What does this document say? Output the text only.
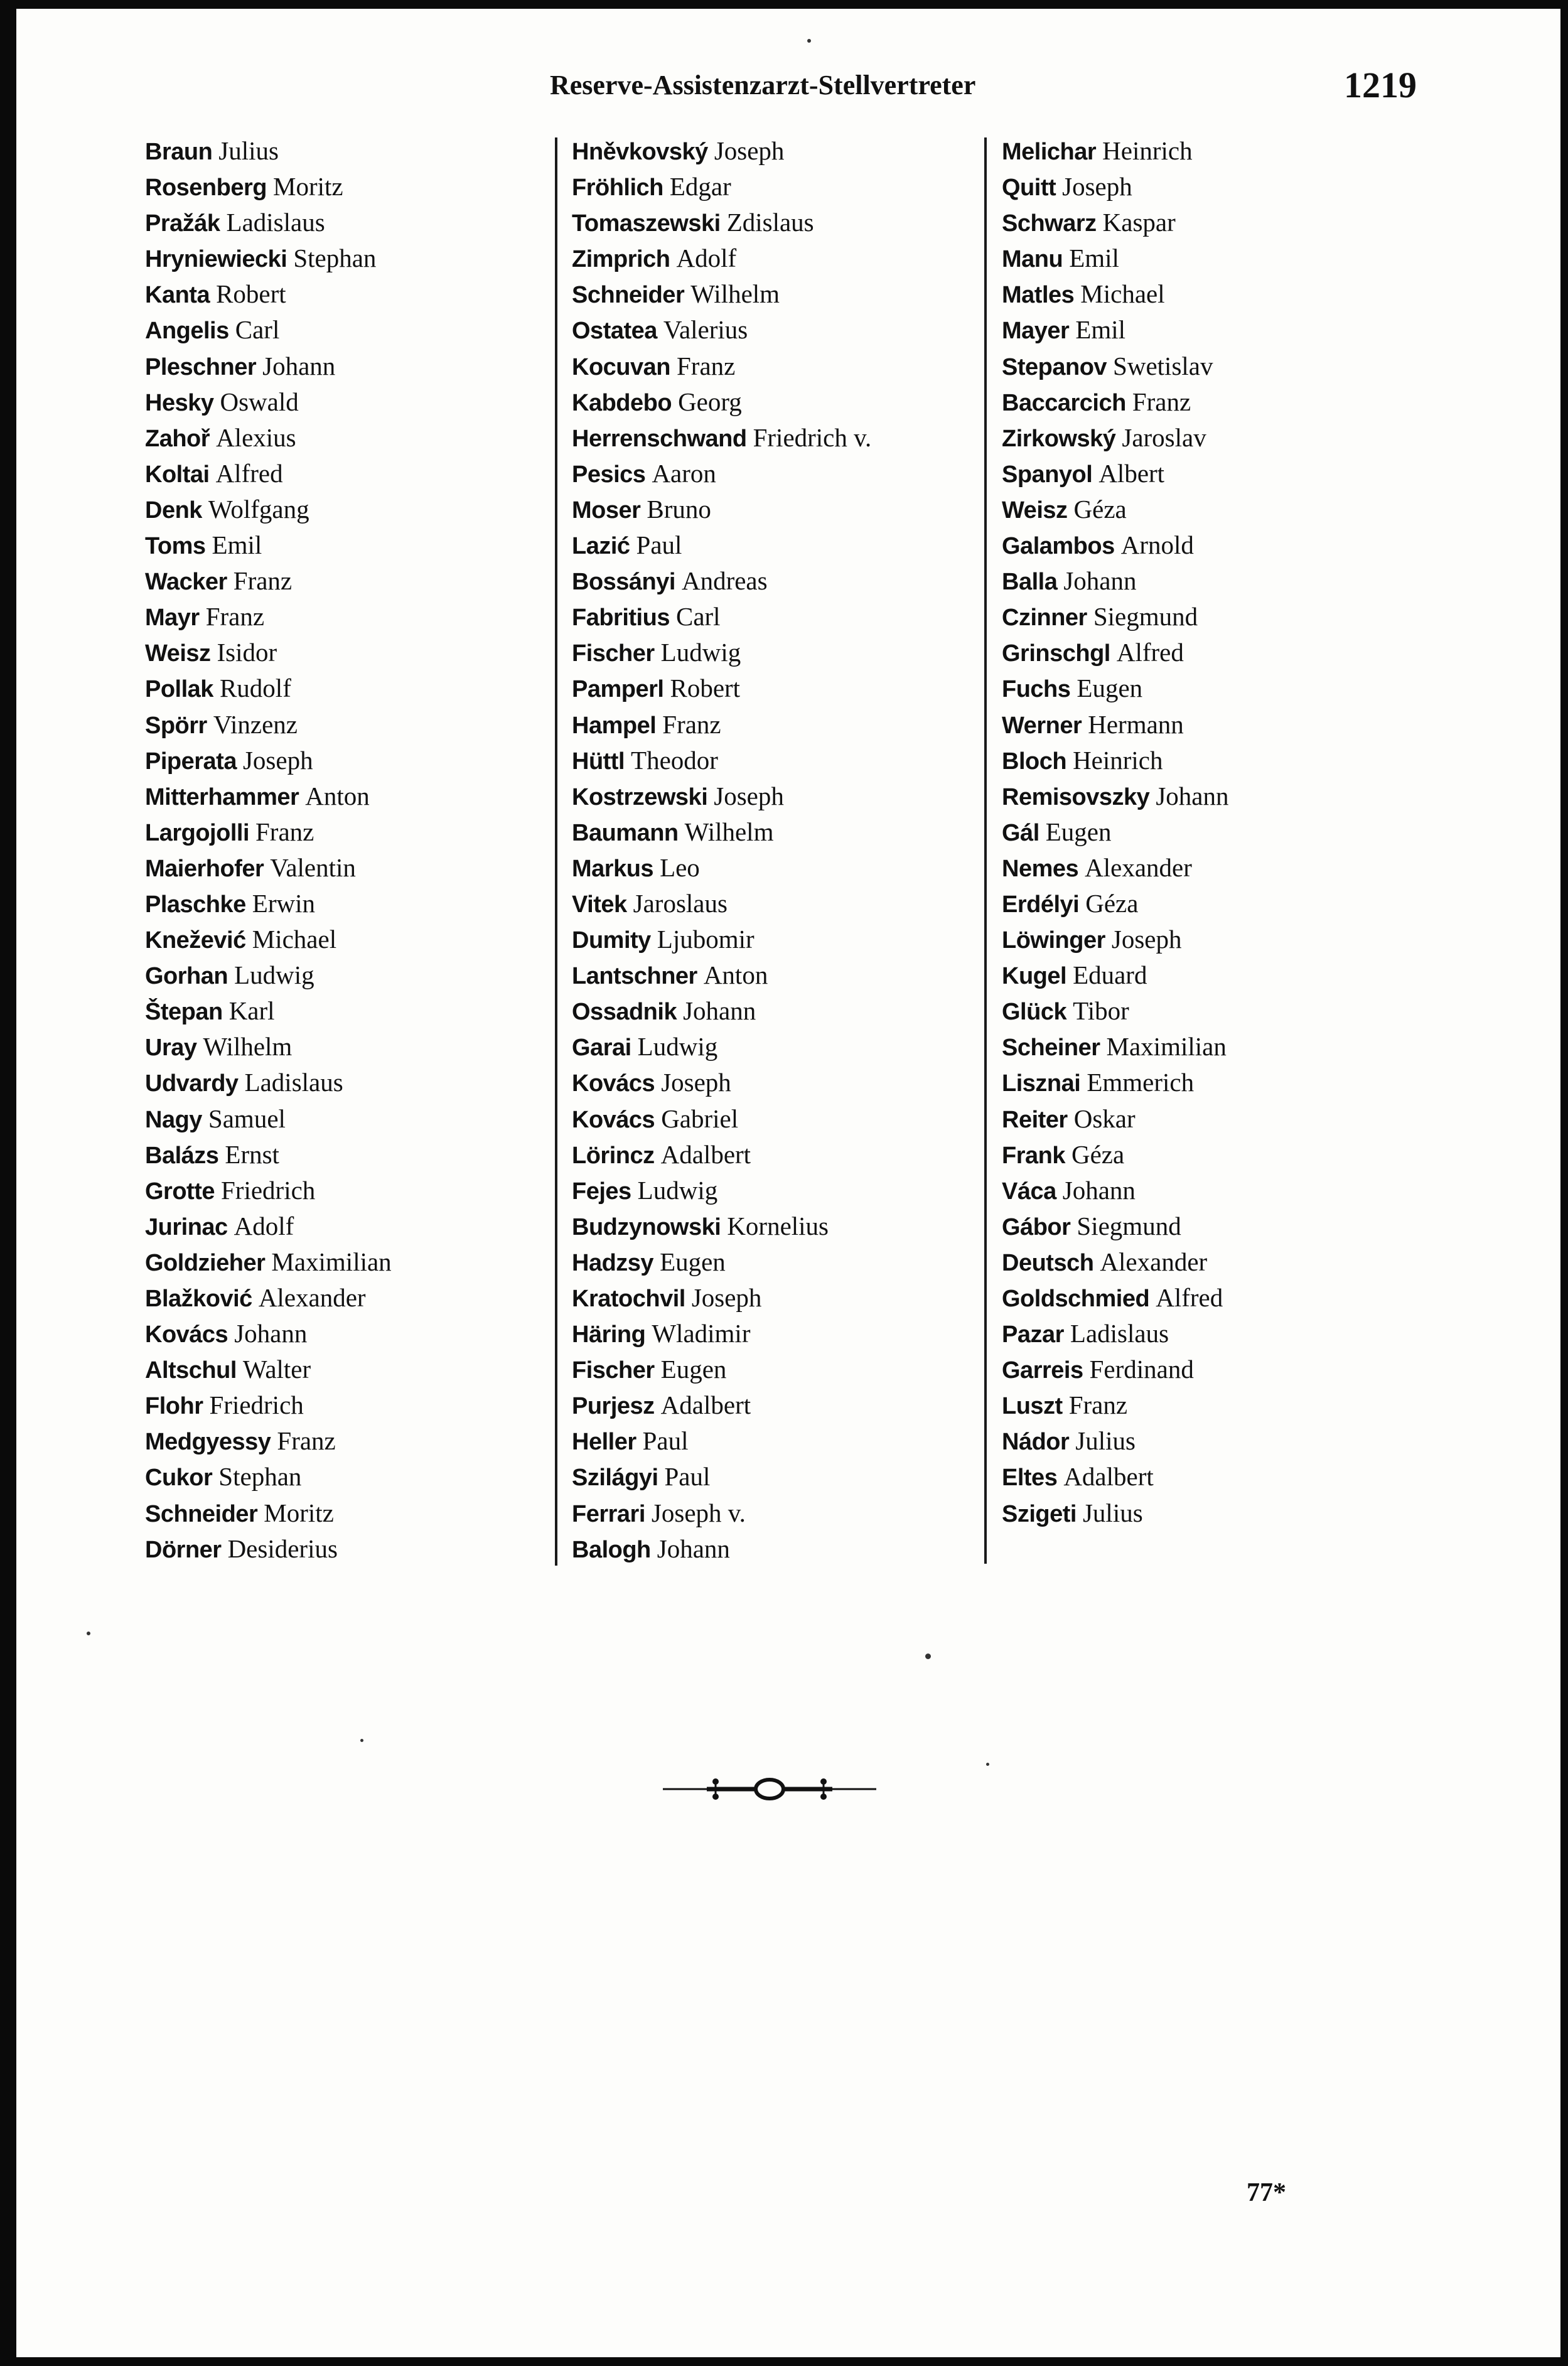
Reserve-Assistenzarzt-Stellvertreter	1219
Braun Julius
Rosenberg Moritz
Pražák Ladislaus
Hryniewiecki Stephan
Kanta Robert
Angelis Carl
Pleschner Johann
Hesky Oswald
Zahoř Alexius
Koltai Alfred
Denk Wolfgang
Toms Emil
Wacker Franz
Mayr Franz
Weisz Isidor
Pollak Rudolf
Spörr Vinzenz
Piperata Joseph
Mitterhammer Anton
Largojolli Franz
Maierhofer Valentin
Plaschke Erwin
Knežević Michael
Gorhan Ludwig
Štepan Karl
Uray Wilhelm
Udvardy Ladislaus
Nagy Samuel
Balázs Ernst
Grotte Friedrich
Jurinac Adolf
Goldzieher Maximilian
Blažković Alexander
Kovács Johann
Altschul Walter
Flohr Friedrich
Medgyessy Franz
Cukor Stephan
Schneider Moritz
Dörner Desiderius
Hněvkovský Joseph
Fröhlich Edgar
Tomaszewski Zdislaus
Zimprich Adolf
Schneider Wilhelm
Ostatea Valerius
Kocuvan Franz
Kabdebo Georg
Herrenschwand Friedrich v.
Pesics Aaron
Moser Bruno
Lazić Paul
Bossányi Andreas
Fabritius Carl
Fischer Ludwig
Pamperl Robert
Hampel Franz
Hüttl Theodor
Kostrzewski Joseph
Baumann Wilhelm
Markus Leo
Vitek Jaroslaus
Dumity Ljubomir
Lantschner Anton
Ossadnik Johann
Garai Ludwig
Kovács Joseph
Kovács Gabriel
Lörincz Adalbert
Fejes Ludwig
Budzynowski Kornelius
Hadzsy Eugen
Kratochvil Joseph
Häring Wladimir
Fischer Eugen
Purjesz Adalbert
Heller Paul
Szilágyi Paul
Ferrari Joseph v.
Balogh Johann
Melichar Heinrich
Quitt Joseph
Schwarz Kaspar
Manu Emil
Matles Michael
Mayer Emil
Stepanov Swetislav
Baccarcich Franz
Zirkowský Jaroslav
Spanyol Albert
Weisz Géza
Galambos Arnold
Balla Johann
Czinner Siegmund
Grinschgl Alfred
Fuchs Eugen
Werner Hermann
Bloch Heinrich
Remisovszky Johann
Gál Eugen
Nemes Alexander
Erdélyi Géza
Löwinger Joseph
Kugel Eduard
Glück Tibor
Scheiner Maximilian
Lisznai Emmerich
Reiter Oskar
Frank Géza
Váca Johann
Gábor Siegmund
Deutsch Alexander
Goldschmied Alfred
Pazar Ladislaus
Garreis Ferdinand
Luszt Franz
Nádor Julius
Eltes Adalbert
Szigeti Julius
77*
